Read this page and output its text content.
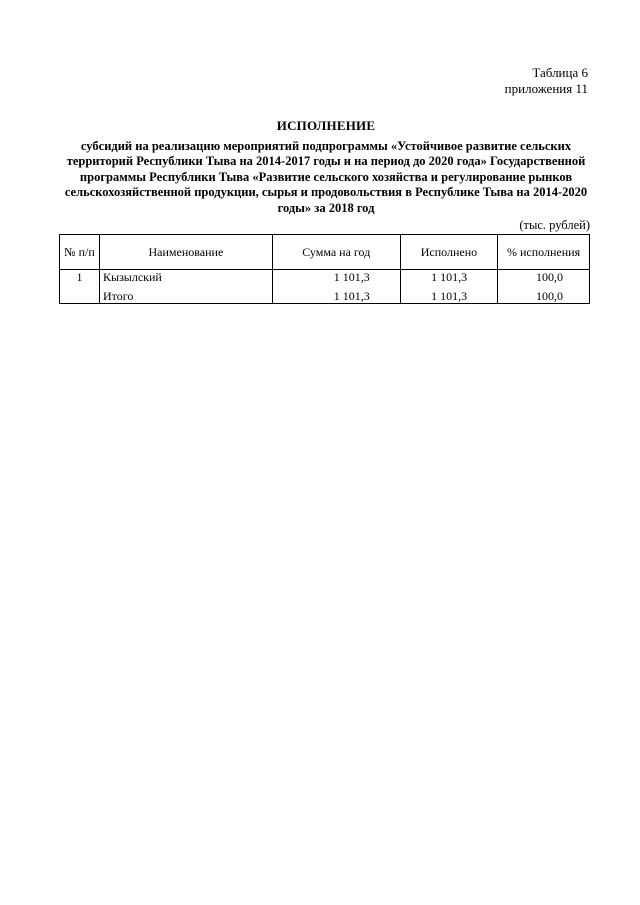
Таблица 6
приложения 11
ИСПОЛНЕНИЕ
субсидий на реализацию мероприятий подпрограммы «Устойчивое развитие сельских территорий Республики Тыва на 2014-2017 годы и на период до 2020 года» Государственной программы Республики Тыва «Развитие сельского хозяйства и регулирование рынков сельскохозяйственной продукции, сырья и продовольствия в Республике Тыва на 2014-2020 годы» за 2018 год
(тыс. рублей)
№ п/п	Наименование	Сумма на год	Исполнено	% исполнения
1	Кызылский	1 101,3	1 101,3	100,0
	Итого	1 101,3	1 101,3	100,0
